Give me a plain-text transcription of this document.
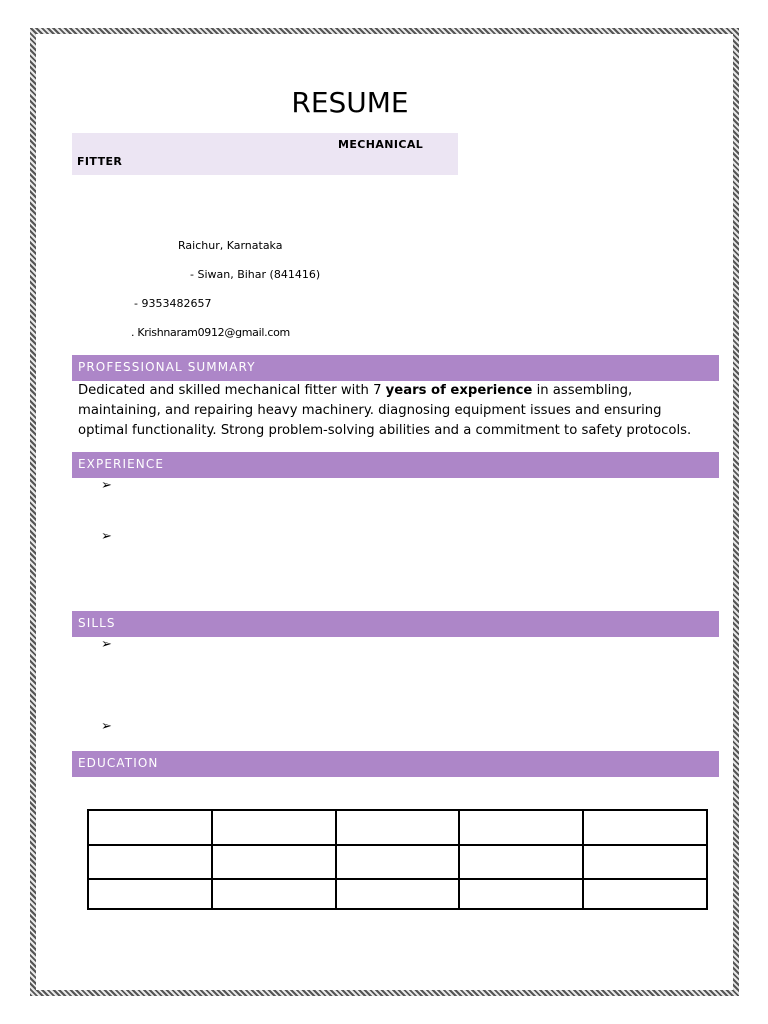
RESUME
MECHANICAL
FITTER
Raichur, Karnataka
- Siwan, Bihar (841416)
- 9353482657
. Krishnaram0912@gmail.com
PROFESSIONAL SUMMARY
Dedicated and skilled mechanical fitter with 7 years of experience in assembling, maintaining, and repairing heavy machinery. diagnosing equipment issues and ensuring optimal functionality. Strong problem-solving abilities and a commitment to safety protocols.
EXPERIENCE
➢
➢
SILLS
➢
➢
EDUCATION
